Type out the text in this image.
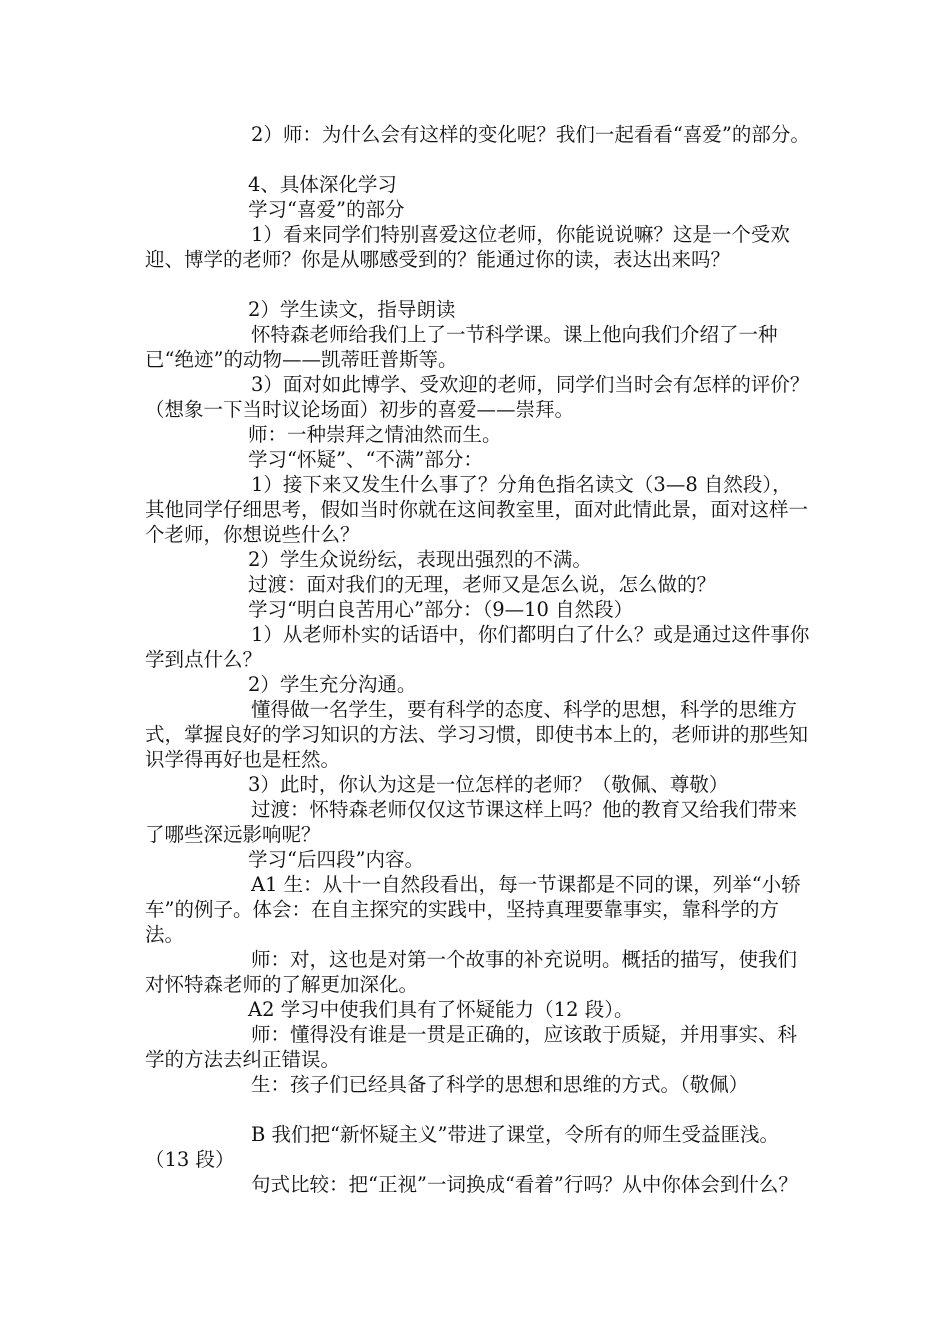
2）师：为什么会有这样的变化呢？我们一起看看“喜爱”的部分。

4、具体深化学习

学习“喜爱”的部分

1）看来同学们特别喜爱这位老师，你能说说嘛？这是一个受欢迎、博学的老师？你是从哪感受到的？能通过你的读，表达出来吗？

2）学生读文，指导朗读

怀特森老师给我们上了一节科学课。课上他向我们介绍了一种已“绝迹”的动物——凯蒂旺普斯等。

3）面对如此博学、受欢迎的老师，同学们当时会有怎样的评价？（想象一下当时议论场面）初步的喜爱——崇拜。

师：一种崇拜之情油然而生。

学习“怀疑”、“不满”部分：

1）接下来又发生什么事了？分角色指名读文（3—8 自然段），其他同学仔细思考，假如当时你就在这间教室里，面对此情此景，面对这样一个老师，你想说些什么？

2）学生众说纷纭，表现出强烈的不满。

过渡：面对我们的无理，老师又是怎么说，怎么做的？

学习“明白良苦用心”部分：（9—10 自然段）

1）从老师朴实的话语中，你们都明白了什么？或是通过这件事你学到点什么？

2）学生充分沟通。

懂得做一名学生，要有科学的态度、科学的思想，科学的思维方式，掌握良好的学习知识的方法、学习习惯，即使书本上的，老师讲的那些知识学得再好也是枉然。

3）此时，你认为这是一位怎样的老师？（敬佩、尊敬）

过渡：怀特森老师仅仅这节课这样上吗？他的教育又给我们带来了哪些深远影响呢？

学习“后四段”内容。

A1 生：从十一自然段看出，每一节课都是不同的课，列举“小轿车”的例子。体会：在自主探究的实践中，坚持真理要靠事实，靠科学的方法。

师：对，这也是对第一个故事的补充说明。概括的描写，使我们对怀特森老师的了解更加深化。

A2 学习中使我们具有了怀疑能力（12 段）。

师：懂得没有谁是一贯是正确的，应该敢于质疑，并用事实、科学的方法去纠正错误。

生：孩子们已经具备了科学的思想和思维的方式。（敬佩）

B 我们把“新怀疑主义”带进了课堂，令所有的师生受益匪浅。（13 段）

句式比较：把“正视”一词换成“看着”行吗？从中你体会到什么？
